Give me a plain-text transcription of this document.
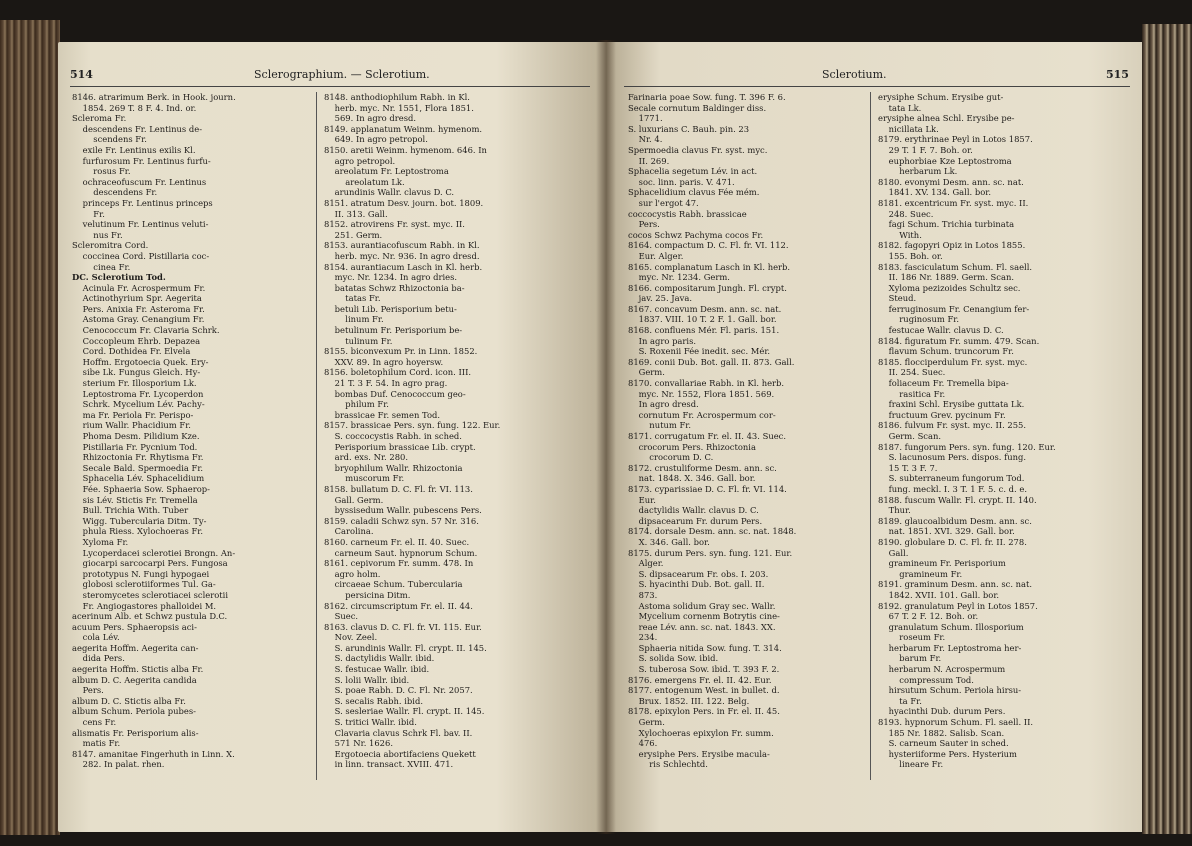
514	Sclerographium. — Sclerotium.
8146. atrarimum Berk. in Hook. journ.
1854. 269 T. 8 F. 4. Ind. or.
Scleroma Fr.
descendens Fr. Lentinus de-
scendens Fr.
exile Fr. Lentinus exilis Kl.
furfurosum Fr. Lentinus furfu-
rosus Fr.
ochraceofuscum Fr. Lentinus
descendens Fr.
princeps Fr. Lentinus princeps
Fr.
velutinum Fr. Lentinus veluti-
nus Fr.
Scleromitra Cord.
coccinea Cord. Pistillaria coc-
cinea Fr.
DC. Sclerotium Tod.
Acinula Fr. Acrospermum Fr.
Actinothyrium Spr. Aegerita
Pers. Anixia Fr. Asteroma Fr.
Astoma Gray. Cenangium Fr.
Cenococcum Fr. Clavaria Schrk.
Coccopleum Ehrb. Depazea
Cord. Dothidea Fr. Elvela
Hoffm. Ergotoecia Quek. Ery-
sibe Lk. Fungus Gleich. Hy-
sterium Fr. Illosporium Lk.
Leptostroma Fr. Lycoperdon
Schrk. Mycelium Lév. Pachy-
ma Fr. Periola Fr. Perispo-
rium Wallr. Phacidium Fr.
Phoma Desm. Pilidium Kze.
Pistillaria Fr. Pycnium Tod.
Rhizoctonia Fr. Rhytisma Fr.
Secale Bald. Spermoedia Fr.
Sphacelia Lév. Sphacelidium
Fée. Sphaeria Sow. Sphaerop-
sis Lév. Stictis Fr. Tremella
Bull. Trichia With. Tuber
Wigg. Tubercularia Ditm. Ty-
phula Riess. Xylochoeras Fr.
Xyloma Fr.
Lycoperdacei sclerotiei Brongn. An-
giocarpi sarcocarpi Pers. Fungosa
prototypus N. Fungi hypogaei
globosi sclerotiiformes Tul. Ga-
steromycetes sclerotiacei sclerotii
Fr. Angiogastores phalloidei M.
acerinum Alb. et Schwz pustula D.C.
acuum Pers. Sphaeropsis aci-
cola Lév.
aegerita Hoffm. Aegerita can-
dida Pers.
aegerita Hoffm. Stictis alba Fr.
album D. C. Aegerita candida
Pers.
album D. C. Stictis alba Fr.
album Schum. Periola pubes-
cens Fr.
alismatis Fr. Perisporium alis-
matis Fr.
8147. amanitae Fingerhuth in Linn. X.
282. In palat. rhen.
8148. anthodiophilum Rabh. in Kl.
herb. myc. Nr. 1551, Flora 1851.
569. In agro dresd.
8149. applanatum Weinm. hymenom.
649. In agro petropol.
8150. aretii Weinm. hymenom. 646. In
agro petropol.
areolatum Fr. Leptostroma
areolatum Lk.
arundinis Wallr. clavus D. C.
8151. atratum Desv. journ. bot. 1809.
II. 313. Gall.
8152. atrovirens Fr. syst. myc. II.
251. Germ.
8153. aurantiacofuscum Rabh. in Kl.
herb. myc. Nr. 936. In agro dresd.
8154. aurantiacum Lasch in Kl. herb.
myc. Nr. 1234. In agro dries.
batatas Schwz Rhizoctonia ba-
tatas Fr.
betuli Lib. Perisporium betu-
linum Fr.
betulinum Fr. Perisporium be-
tulinum Fr.
8155. biconvexum Pr. in Linn. 1852.
XXV. 89. In agro hoyersw.
8156. boletophilum Cord. icon. III.
21 T. 3 F. 54. In agro prag.
bombas Duf. Cenococcum geo-
philum Fr.
brassicae Fr. semen Tod.
8157. brassicae Pers. syn. fung. 122. Eur.
S. coccocystis Rabh. in sched.
Perisporium brassicae Lib. crypt.
ard. exs. Nr. 280.
bryophilum Wallr. Rhizoctonia
muscorum Fr.
8158. bullatum D. C. Fl. fr. VI. 113.
Gall. Germ.
byssisedum Wallr. pubescens Pers.
8159. caladii Schwz syn. 57 Nr. 316.
Carolina.
8160. carneum Fr. el. II. 40. Suec.
carneum Saut. hypnorum Schum.
8161. cepivorum Fr. summ. 478. In
agro holm.
circaeae Schum. Tubercularia
persicina Ditm.
8162. circumscriptum Fr. el. II. 44.
Suec.
8163. clavus D. C. Fl. fr. VI. 115. Eur.
Nov. Zeel.
S. arundinis Wallr. Fl. crypt. II. 145.
S. dactylidis Wallr. ibid.
S. festucae Wallr. ibid.
S. lolii Wallr. ibid.
S. poae Rabh. D. C. Fl. Nr. 2057.
S. secalis Rabh. ibid.
S. sesleriae Wallr. Fl. crypt. II. 145.
S. tritici Wallr. ibid.
Clavaria clavus Schrk Fl. bav. II.
571 Nr. 1626.
Ergotoecia abortifaciens Quekett
in linn. transact. XVIII. 471.
Sclerotium.	515
Farinaria poae Sow. fung. T. 396 F. 6.
Secale cornutum Baldinger diss.
1771.
S. luxurians C. Bauh. pin. 23
Nr. 4.
Spermoedia clavus Fr. syst. myc.
II. 269.
Sphacelia segetum Lév. in act.
soc. linn. paris. V. 471.
Sphacelidium clavus Fée mém.
sur l'ergot 47.
coccocystis Rabh. brassicae
Pers.
cocos Schwz Pachyma cocos Fr.
8164. compactum D. C. Fl. fr. VI. 112.
Eur. Alger.
8165. complanatum Lasch in Kl. herb.
myc. Nr. 1234. Germ.
8166. compositarum Jungh. Fl. crypt.
jav. 25. Java.
8167. concavum Desm. ann. sc. nat.
1837. VIII. 10 T. 2 F. 1. Gall. bor.
8168. confluens Mér. Fl. paris. 151.
In agro paris.
S. Roxenii Fée inedit. sec. Mér.
8169. conii Dub. Bot. gall. II. 873. Gall.
Germ.
8170. convallariae Rabh. in Kl. herb.
myc. Nr. 1552, Flora 1851. 569.
In agro dresd.
cornutum Fr. Acrospermum cor-
nutum Fr.
8171. corrugatum Fr. el. II. 43. Suec.
crocorum Pers. Rhizoctonia
crocorum D. C.
8172. crustuliforme Desm. ann. sc.
nat. 1848. X. 346. Gall. bor.
8173. cyparissiae D. C. Fl. fr. VI. 114.
Eur.
dactylidis Wallr. clavus D. C.
dipsacearum Fr. durum Pers.
8174. dorsale Desm. ann. sc. nat. 1848.
X. 346. Gall. bor.
8175. durum Pers. syn. fung. 121. Eur.
Alger.
S. dipsacearum Fr. obs. I. 203.
S. hyacinthi Dub. Bot. gall. II.
873.
Astoma solidum Gray sec. Wallr.
Mycelium cornenm Botrytis cine-
reae Lév. ann. sc. nat. 1843. XX.
234.
Sphaeria nitida Sow. fung. T. 314.
S. solida Sow. ibid.
S. tuberosa Sow. ibid. T. 393 F. 2.
8176. emergens Fr. el. II. 42. Eur.
8177. entogenum West. in bullet. d.
Brux. 1852. III. 122. Belg.
8178. epixylon Pers. in Fr. el. II. 45.
Germ.
Xylochoeras epixylon Fr. summ.
476.
erysiphe Pers. Erysibe macula-
ris Schlechtd.
erysiphe Schum. Erysibe gut-
tata Lk.
erysiphe alnea Schl. Erysibe pe-
nicillata Lk.
8179. erythrinae Peyl in Lotos 1857.
29 T. 1 F. 7. Boh. or.
euphorbiae Kze Leptostroma
herbarum Lk.
8180. evonymi Desm. ann. sc. nat.
1841. XV. 134. Gall. bor.
8181. excentricum Fr. syst. myc. II.
248. Suec.
fagi Schum. Trichia turbinata
With.
8182. fagopyri Opiz in Lotos 1855.
155. Boh. or.
8183. fasciculatum Schum. Fl. saell.
II. 186 Nr. 1889. Germ. Scan.
Xyloma pezizoides Schultz sec.
Steud.
ferruginosum Fr. Cenangium fer-
ruginosum Fr.
festucae Wallr. clavus D. C.
8184. figuratum Fr. summ. 479. Scan.
flavum Schum. truncorum Fr.
8185. flocciperdulum Fr. syst. myc.
II. 254. Suec.
foliaceum Fr. Tremella bipa-
rasitica Fr.
fraxini Schl. Erysibe guttata Lk.
fructuum Grev. pycinum Fr.
8186. fulvum Fr. syst. myc. II. 255.
Germ. Scan.
8187. fungorum Pers. syn. fung. 120. Eur.
S. lacunosum Pers. dispos. fung.
15 T. 3 F. 7.
S. subterraneum fungorum Tod.
fung. meckl. I. 3 T. 1 F. 5. c. d. e.
8188. fuscum Wallr. Fl. crypt. II. 140.
Thur.
8189. glaucoalbidum Desm. ann. sc.
nat. 1851. XVI. 329. Gall. bor.
8190. globulare D. C. Fl. fr. II. 278.
Gall.
gramineum Fr. Perisporium
gramineum Fr.
8191. graminum Desm. ann. sc. nat.
1842. XVII. 101. Gall. bor.
8192. granulatum Peyl in Lotos 1857.
67 T. 2 F. 12. Boh. or.
granulatum Schum. Illosporium
roseum Fr.
herbarum Fr. Leptostroma her-
barum Fr.
herbarum N. Acrospermum
compressum Tod.
hirsutum Schum. Periola hirsu-
ta Fr.
hyacinthi Dub. durum Pers.
8193. hypnorum Schum. Fl. saell. II.
185 Nr. 1882. Salisb. Scan.
S. carneum Sauter in sched.
hysteriiforme Pers. Hysterium
lineare Fr.
